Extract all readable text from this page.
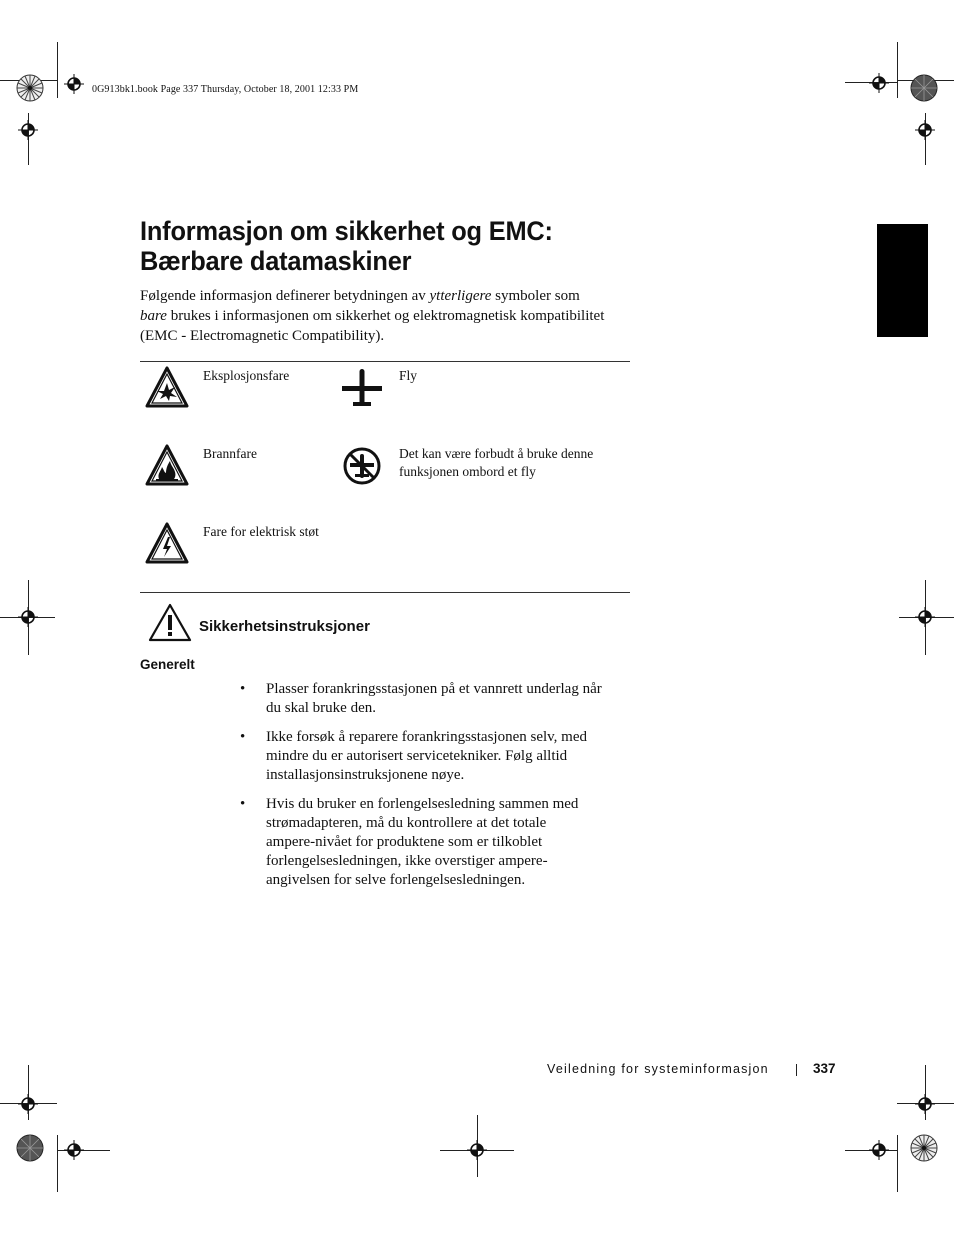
0G913bk1.book Page 337 Thursday, October 18, 2001 12:33 PM
Informasjon om sikkerhet og EMC:
Bærbare datamaskiner
Følgende informasjon definerer betydningen av ytterligere symboler som bare brukes i informasjonen om sikkerhet og elektromagnetisk kompatibilitet (EMC - Electromagnetic Compatibility).
Eksplosjonsfare	Fly
Brannfare	Det kan være forbudt å bruke denne funksjonen ombord et fly
Fare for elektrisk støt
Sikkerhetsinstruksjoner
Generelt
• Plasser forankringsstasjonen på et vannrett underlag når du skal bruke den.
• Ikke forsøk å reparere forankringsstasjonen selv, med mindre du er autorisert servicetekniker. Følg alltid installasjonsinstruksjonene nøye.
• Hvis du bruker en forlengelsesledning sammen med strømadapteren, må du kontrollere at det totale ampere-nivået for produktene som er tilkoblet forlengelsesledningen, ikke overstiger ampere-angivelsen for selve forlengelsesledningen.
Veiledning for systeminformasjon	337
